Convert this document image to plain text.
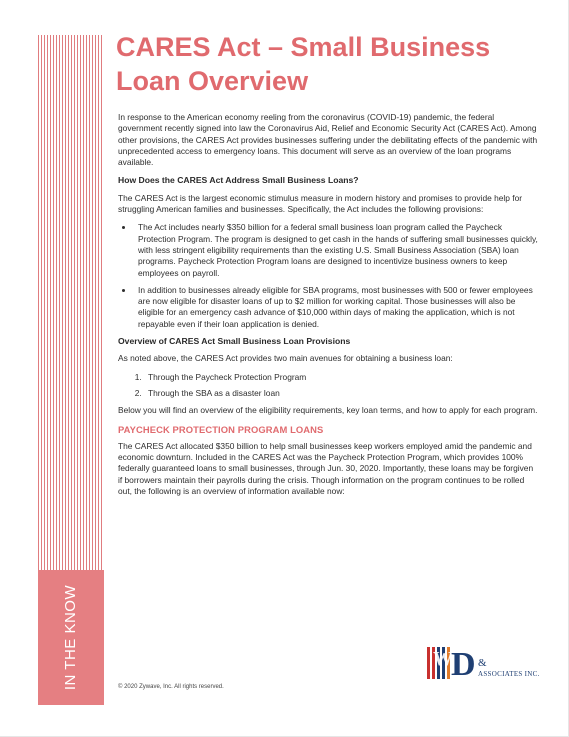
IN THE KNOW
CARES Act – Small Business Loan Overview

In response to the American economy reeling from the coronavirus (COVID-19) pandemic, the federal government recently signed into law the Coronavirus Aid, Relief and Economic Security Act (CARES Act). Among other provisions, the CARES Act provides businesses suffering under the debilitating effects of the pandemic with unprecedented access to emergency loans. This document will serve as an overview of the loan programs available.

How Does the CARES Act Address Small Business Loans?

The CARES Act is the largest economic stimulus measure in modern history and promises to provide help for struggling American families and businesses. Specifically, the Act includes the following provisions:

• The Act includes nearly $350 billion for a federal small business loan program called the Paycheck Protection Program. The program is designed to get cash in the hands of suffering small businesses quickly, with less stringent eligibility requirements than the existing U.S. Small Business Association (SBA) loan programs. Paycheck Protection Program loans are designed to incentivize business owners to keep employees on payroll.
• In addition to businesses already eligible for SBA programs, most businesses with 500 or fewer employees are now eligible for disaster loans of up to $2 million for working capital. Those businesses will also be eligible for an emergency cash advance of $10,000 within days of making the application, which is not repayable even if their loan application is denied.
Overview of CARES Act Small Business Loan Provisions

As noted above, the CARES Act provides two main avenues for obtaining a business loan:

1. Through the Paycheck Protection Program
2. Through the SBA as a disaster loan

Below you will find an overview of the eligibility requirements, key loan terms, and how to apply for each program.

PAYCHECK PROTECTION PROGRAM LOANS

The CARES Act allocated $350 billion to help small businesses keep workers employed amid the pandemic and economic downturn. Included in the CARES Act was the Paycheck Protection Program, which provides 100% federally guaranteed loans to small businesses, through Jun. 30, 2020. Importantly, these loans may be forgiven if borrowers maintain their payrolls during the crisis. Though information on the program continues to be rolled out, the following is an overview of information available now:

D
W &
ASSOCIATES INC.
© 2020 Zywave, Inc. All rights reserved.
